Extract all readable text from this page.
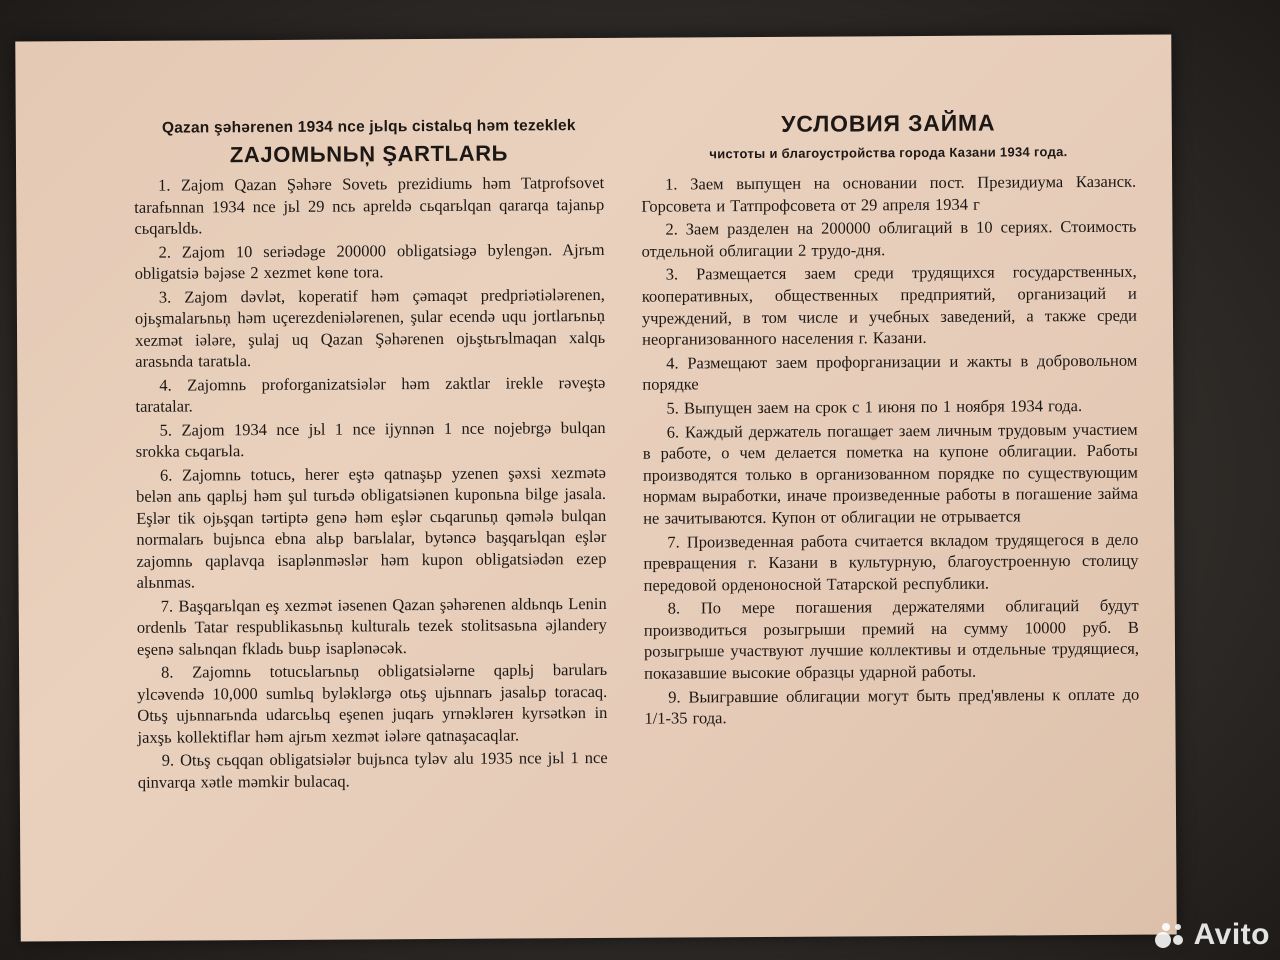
Qazan şəhərenen 1934 nce jьlqь cistalьq həm tezeklek

ZAJOMЬNЬŅ ŞARTLARЬ

1. Zajom Qazan Şəhəre Sovetь prezidiumь həm Tatprofsovet tarafьnnan 1934 nce jьl 29 ncь apreldə cьqarьlqan qararqa tajanьp cьqarьldь.

2. Zajom 10 seriədəge 200000 obligatsiəgə bylengən. Ajrьm obligatsiə bəjəse 2 xezmet kөne tora.

3. Zajom dəvlət, koperatif həm çəmaqət predpriətiələrenen, ojьşmalarьnьņ həm uçerezdeniələrenen, şular ecendə uqu jortlarьnьņ xezmət iələre, şulaj uq Qazan Şəhərenen ojьştьrьlmaqan xalqь arasьnda taratьla.

4. Zajomnь proforganizatsiələr həm zaktlar irekle rəveştə taratalar.

5. Zajom 1934 nce jьl 1 nce ijynnən 1 nce nojebrgə bulqan srokka cьqarьla.

6. Zajomnь totucь, herer eştə qatnaşьp yzenen şəxsi xezmətə belən anь qaplьj həm şul turьdə obligatsiənen kuponьna bilge jasala. Eşlər tik ojьşqan tərtiptə genə həm eşlər cьqarunьņ qəmələ bulqan normalarь bujьnca ebna alьp barьlalar, bytəncə başqarьlqan eşlər zajomnь qaplavqa isaplənməslər həm kupon obligatsiədən ezep alьnmas.

7. Başqarьlqan eş xezmət iəsenen Qazan şəhərenen aldьnqь Lenin ordenlь Tatar respublikasьnьņ kulturalь tezek stolitsasьna əjlandery eşenə salьnqan fkladь buьp isaplənəcək.

8. Zajomnь totucьlarьnьņ obligatsiələrne qaplьj barularь ylcəvendə 10,000 sumlьq byləklərgə otьş ujьnnarь jasalьp toracaq. Otьş ujьnnarьnda udarcьlьq eşenen juqarь yrnəklərен kyrsətkən in jaxşь kollektiflar həm ajrьm xezmət iələre qatnaşacaqlar.

9. Otьş cьqqan obligatsiələr bujьnca tyləv alu 1935 nce jьl 1 nce qinvarqa xətle məmkir bulacaq.

УСЛОВИЯ ЗАЙМА

чистоты и благоустройства города Казани 1934 года.

1. Заем выпущен на основании пост. Президиума Казанск. Горсовета и Татпрофсовета от 29 апреля 1934 г

2. Заем разделен на 200000 облигаций в 10 сериях. Стоимость отдельной облигации 2 трудо-дня.

3. Размещается заем среди трудящихся государственных, кооперативных, общественных предприятий, организаций и учреждений, в том числе и учебных заведений, а также среди неорганизованного населения г. Казани.

4. Размещают заем профорганизации и жакты в добровольном порядке

5. Выпущен заем на срок с 1 июня по 1 ноября 1934 года.

6. Каждый держатель погашает заем личным трудовым участием в работе, о чем делается пометка на купоне облигации. Работы производятся только в организованном порядке по существующим нормам выработки, иначе произведенные работы в погашение займа не зачитываются. Купон от облигации не отрывается

7. Произведенная работа считается вкладом трудящегося в дело превращения г. Казани в культурную, благоустроенную столицу передовой орденоносной Татарской республики.

8. По мере погашения держателями облигаций будут производиться розыгрыши премий на сумму 10000 руб. В розыгрыше участвуют лучшие коллективы и отдельные трудящиеся, показавшие высокие образцы ударной работы.

9. Выигравшие облигации могут быть пред'явлены к оплате до 1/1-35 года.

Avito
